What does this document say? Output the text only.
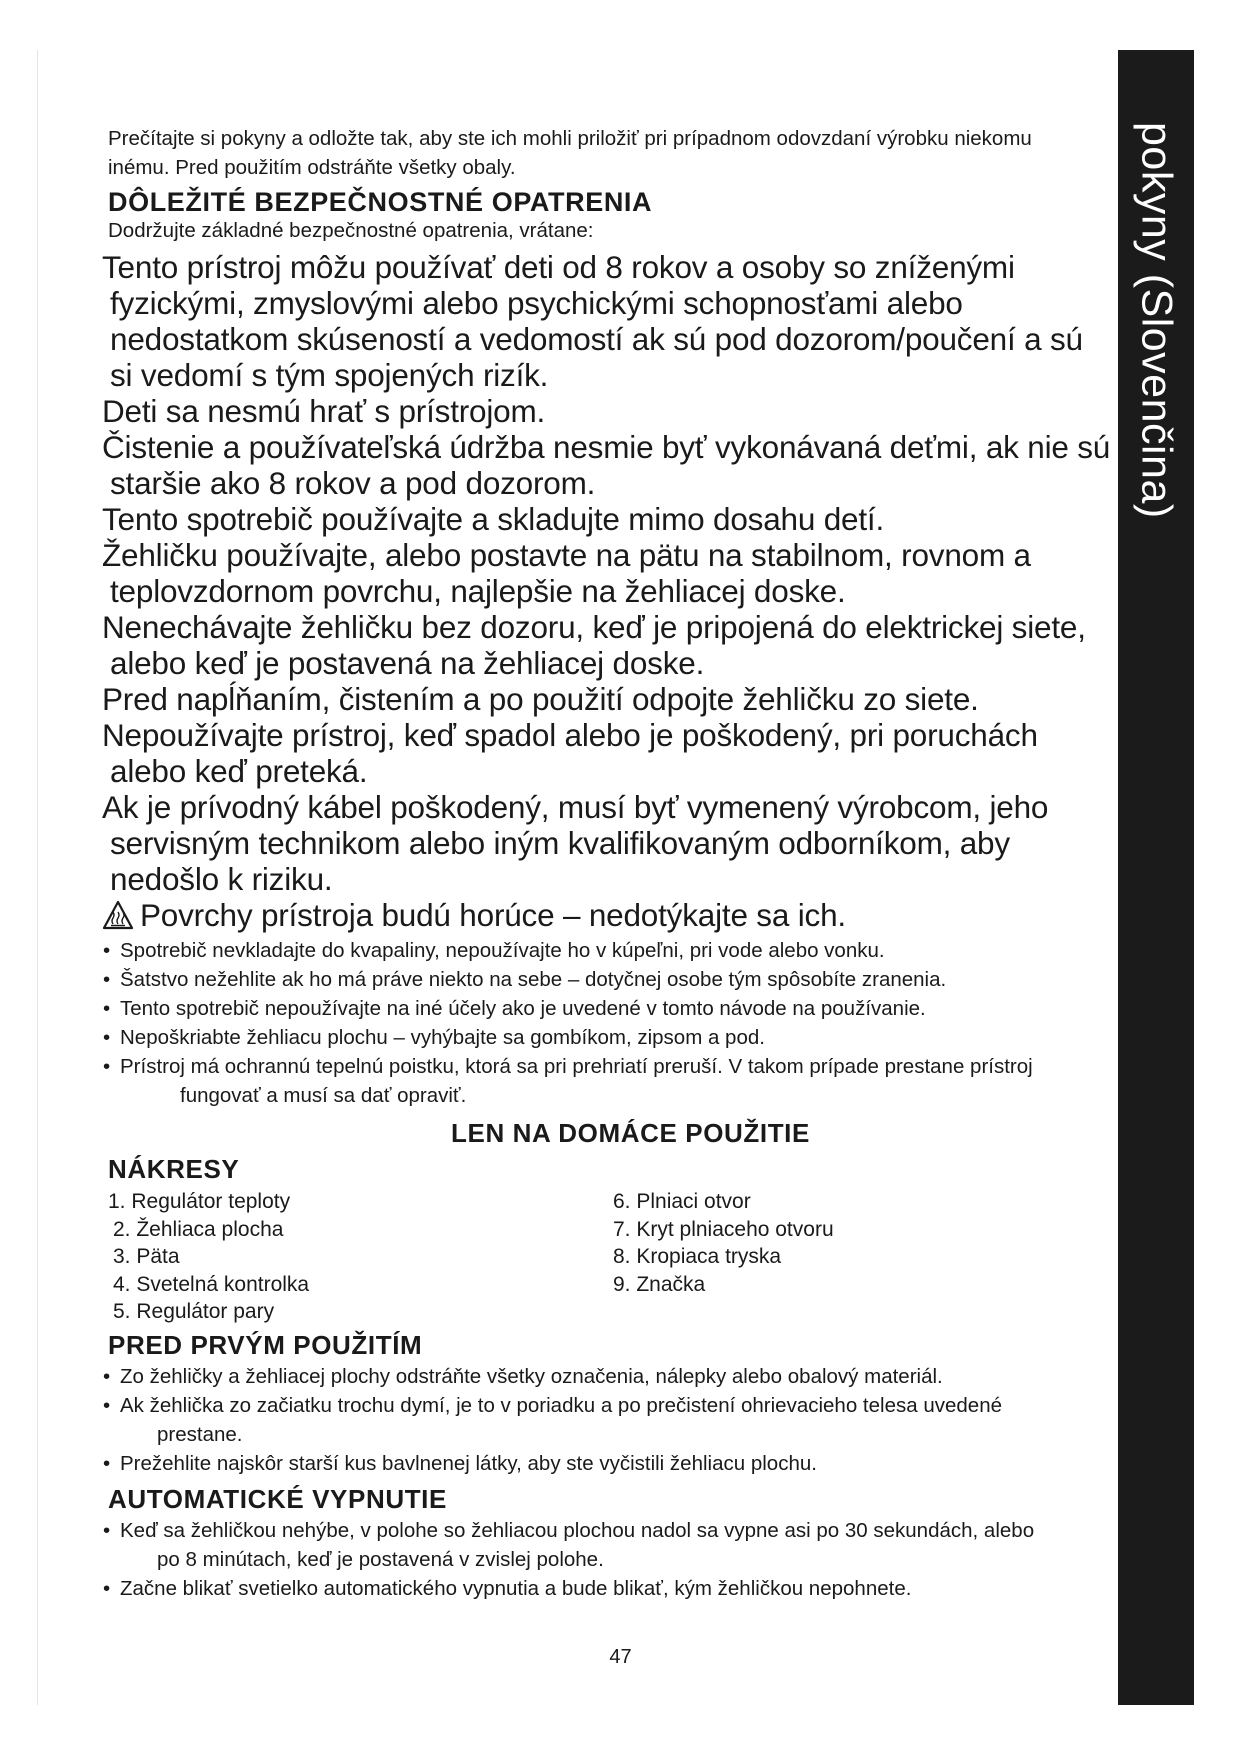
pokyny (Slovenčina)

Prečítajte si pokyny a odložte tak, aby ste ich mohli priložiť pri prípadnom odovzdaní výrobku niekomu inému. Pred použitím odstráňte všetky obaly.

DÔLEŽITÉ BEZPEČNOSTNÉ OPATRENIA

Dodržujte základné bezpečnostné opatrenia, vrátane:

Tento prístroj môžu používať deti od 8 rokov a osoby so zníženými fyzickými, zmyslovými alebo psychickými schopnosťami alebo nedostatkom skúseností a vedomostí ak sú pod dozorom/poučení a sú si vedomí s tým spojených rizík.
Deti sa nesmú hrať s prístrojom.
Čistenie a používateľská údržba nesmie byť vykonávaná deťmi, ak nie sú staršie ako 8 rokov a pod dozorom.
Tento spotrebič používajte a skladujte mimo dosahu detí.
Žehličku používajte, alebo postavte na pätu na stabilnom, rovnom a teplovzdornom povrchu, najlepšie na žehliacej doske.
Nenechávajte žehličku bez dozoru, keď je pripojená do elektrickej siete, alebo keď je postavená na žehliacej doske.
Pred napĺňaním, čistením a po použití odpojte žehličku zo siete.
Nepoužívajte prístroj, keď spadol alebo je poškodený, pri poruchách alebo keď preteká.
Ak je prívodný kábel poškodený, musí byť vymenený výrobcom, jeho servisným technikom alebo iným kvalifikovaným odborníkom, aby nedošlo k riziku.
Povrchy prístroja budú horúce – nedotýkajte sa ich.
• Spotrebič nevkladajte do kvapaliny, nepoužívajte ho v kúpeľni, pri vode alebo vonku.
• Šatstvo nežehlite ak ho má práve niekto na sebe – dotyčnej osobe tým spôsobíte zranenia.
• Tento spotrebič nepoužívajte na iné účely ako je uvedené v tomto návode na používanie.
• Nepoškriabte žehliacu plochu – vyhýbajte sa gombíkom, zipsom a pod.
• Prístroj má ochrannú tepelnú poistku, ktorá sa pri prehriatí preruší. V takom prípade prestane prístroj
fungovať a musí sa dať opraviť.
LEN NA DOMÁCE POUŽITIE
NÁKRESY
1. Regulátor teploty
2. Žehliaca plocha
3. Päta
4. Svetelná kontrolka
5. Regulátor pary
6. Plniaci otvor
7. Kryt plniaceho otvoru
8. Kropiaca tryska
9. Značka
PRED PRVÝM POUŽITÍM
• Zo žehličky a žehliacej plochy odstráňte všetky označenia, nálepky alebo obalový materiál.
• Ak žehlička zo začiatku trochu dymí, je to v poriadku a po prečistení ohrievacieho telesa uvedené
prestane.
• Prežehlite najskôr starší kus bavlnenej látky, aby ste vyčistili žehliacu plochu.
AUTOMATICKÉ VYPNUTIE
• Keď sa žehličkou nehýbe, v polohe so žehliacou plochou nadol sa vypne asi po 30 sekundách, alebo
po 8 minútach, keď je postavená v zvislej polohe.
• Začne blikať svetielko automatického vypnutia a bude blikať, kým žehličkou nepohnete.
47
